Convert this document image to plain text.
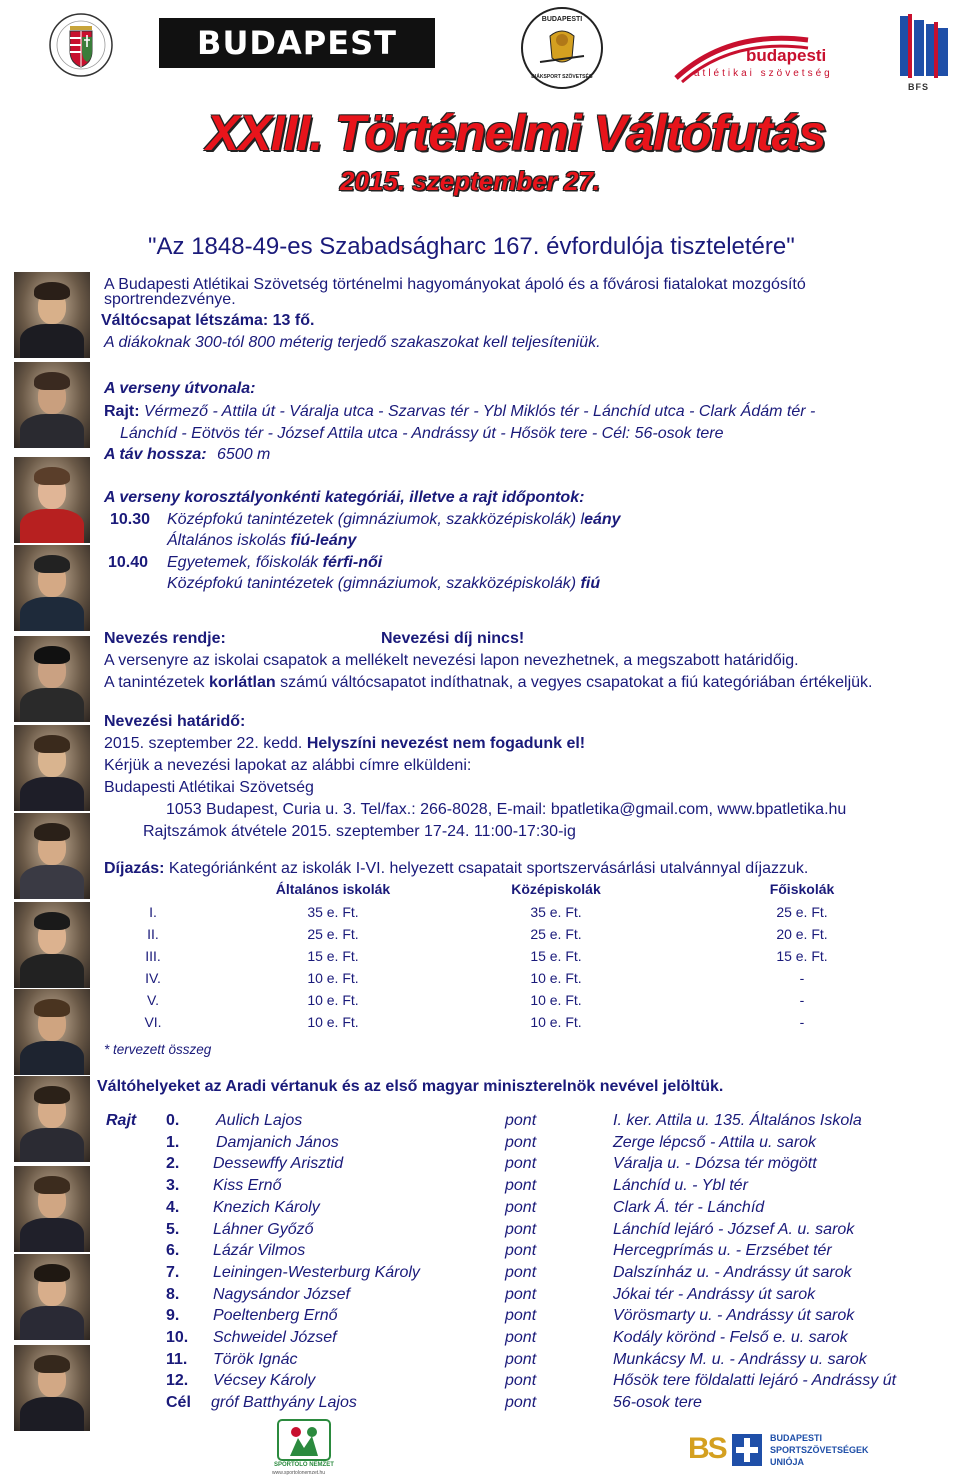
BUDAPEST
BUDAPESTI
DIÁKSPORT SZÖVETSÉG
budapesti
atlétikai szövetség
BFS
XXIII. Történelmi Váltófutás
2015. szeptember 27.
"Az 1848-49-es Szabadságharc 167. évfordulója tiszteletére"
A Budapesti Atlétikai Szövetség történelmi hagyományokat ápoló és a fővárosi fiatalokat mozgósító
sportrendezvénye.
Váltócsapat létszáma: 13 fő.
A diákoknak 300-tól 800 méterig terjedő szakaszokat kell teljesíteniük.
A verseny útvonala:
Rajt: Vérmező - Attila út - Váralja utca - Szarvas tér - Ybl Miklós tér - Lánchíd utca - Clark Ádám tér -
Lánchíd - Eötvös tér - József Attila utca - Andrássy út - Hősök tere - Cél: 56-osok tere
A táv hossza: 6500 m
A verseny korosztályonkénti kategóriái, illetve a rajt időpontok:
10.30 Középfokú tanintézetek (gimnáziumok, szakközépiskolák) leány
Általános iskolás fiú-leány
10.40 Egyetemek, főiskolák férfi-női
Középfokú tanintézetek (gimnáziumok, szakközépiskolák) fiú
Nevezés rendje:	Nevezési díj nincs!
A versenyre az iskolai csapatok a mellékelt nevezési lapon nevezhetnek, a megszabott határidőig.
A tanintézetek korlátlan számú váltócsapatot indíthatnak, a vegyes csapatokat a fiú kategóriában értékeljük.
Nevezési határidő:
2015. szeptember 22. kedd. Helyszíni nevezést nem fogadunk el!
Kérjük a nevezési lapokat az alábbi címre elküldeni:
Budapesti Atlétikai Szövetség
1053 Budapest, Curia u. 3. Tel/fax.: 266-8028, E-mail: bpatletika@gmail.com, www.bpatletika.hu
Rajtszámok átvétele 2015. szeptember 17-24. 11:00-17:30-ig
Díjazás: Kategóriánként az iskolák I-VI. helyezett csapatait sportszervásárlási utalvánnyal díjazzuk.
Általános iskolák	Középiskolák	Főiskolák
I.	35 e. Ft.	35 e. Ft.	25 e. Ft.
II.	25 e. Ft.	25 e. Ft.	20 e. Ft.
III.	15 e. Ft.	15 e. Ft.	15 e. Ft.
IV.	10 e. Ft.	10 e. Ft.	-
V.	10 e. Ft.	10 e. Ft.	-
VI.	10 e. Ft.	10 e. Ft.	-
* tervezett összeg
Váltóhelyeket az Aradi vértanuk és az első magyar miniszterelnök nevével jelöltük.
Rajt 0. Aulich Lajos	pont	I. ker. Attila u. 135. Általános Iskola
1. Damjanich János	pont	Zerge lépcső - Attila u. sarok
2. Dessewffy Arisztid	pont	Váralja u. - Dózsa tér mögött
3. Kiss Ernő	pont	Lánchíd u. - Ybl tér
4. Knezich Károly	pont	Clark Á. tér - Lánchíd
5. Láhner Győző	pont	Lánchíd lejáró - József A. u. sarok
6. Lázár Vilmos	pont	Hercegprímás u. - Erzsébet tér
7. Leiningen-Westerburg Károly	pont	Dalszínház u. - Andrássy út sarok
8. Nagysándor József	pont	Jókai tér - Andrássy út sarok
9. Poeltenberg Ernő	pont	Vörösmarty u. - Andrássy út sarok
10. Schweidel József	pont	Kodály körönd - Felső e. u. sarok
11. Török Ignác	pont	Munkácsy M. u. - Andrássy u. sarok
12. Vécsey Károly	pont	Hősök tere földalatti lejáró - Andrássy út
Cél gróf Batthyány Lajos	pont	56-osok tere
SPORTOLÓ NEMZET
www.sportolonemzet.hu
BS	BUDAPESTI
SPORTSZÖVETSÉGEK
UNIÓJA
